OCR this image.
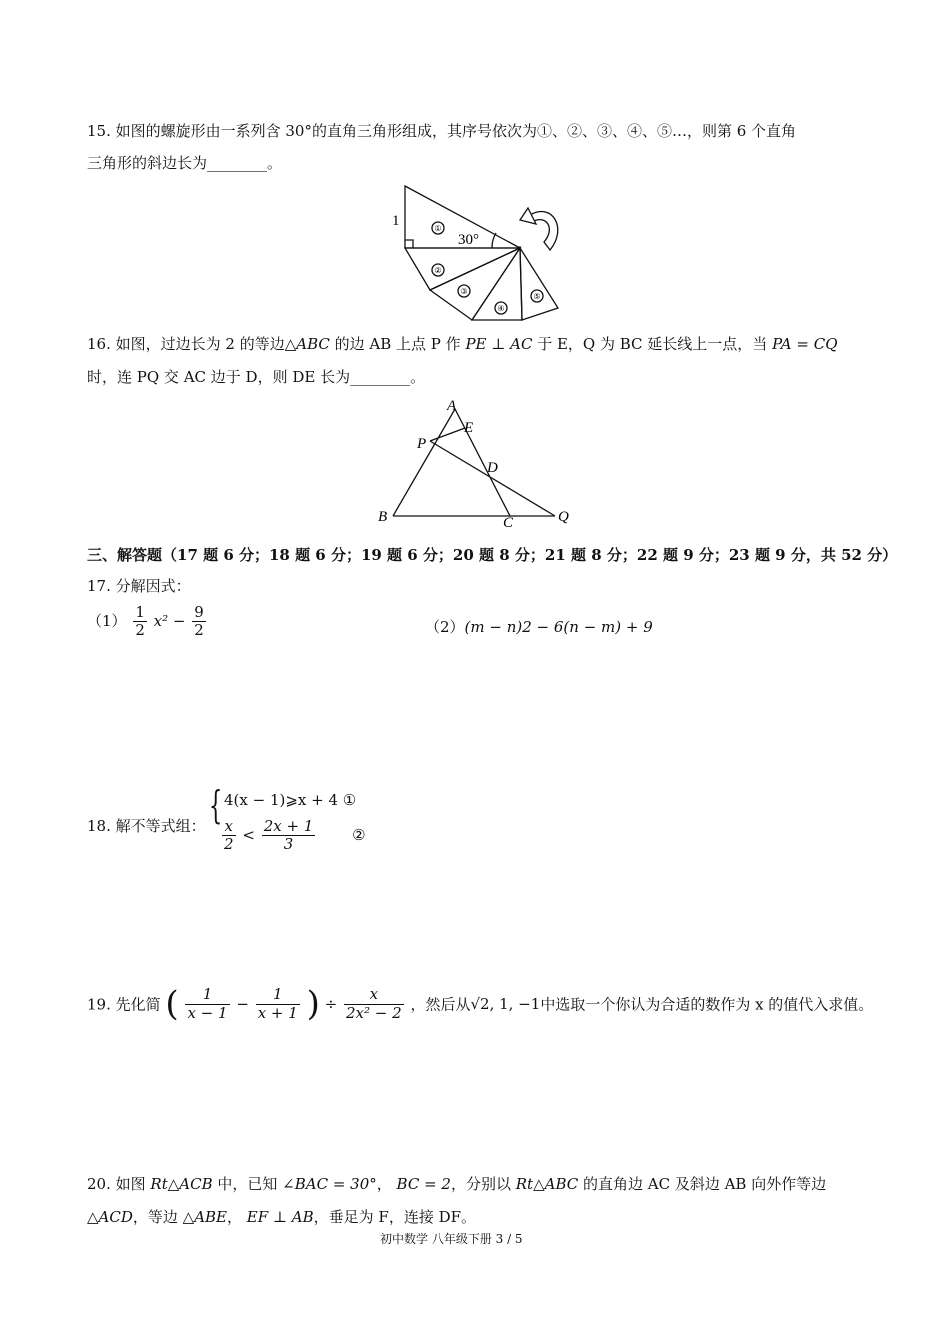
15. 如图的螺旋形由一系列含 30°的直角三角形组成，其序号依次为①、②、③、④、⑤…，则第 6 个直角
三角形的斜边长为________。
1
30°
①
②
③
④
⑤
16. 如图，过边长为 2 的等边△ABC 的边 AB 上点 P 作 PE ⊥ AC 于 E，Q 为 BC 延长线上一点，当 PA = CQ
时，连 PQ 交 AC 边于 D，则 DE 长为________。
A
E
P
D
B	C	Q
三、解答题（17 题 6 分；18 题 6 分；19 题 6 分；20 题 8 分；21 题 8 分；22 题 9 分；23 题 9 分，共 52 分）
17. 分解因式：
$(1) \frac{1}{2} x^2 - \frac{9}{2}$	（2）(m − n)2 − 6(n − m) + 9
18. 解不等式组： { 4(x − 1)⩾x + 4 ①
$\frac{x}{2} < \frac{2x + 1}{3}$ ②
19. 先化简 ( $\frac{1}{x - 1} - \frac{1}{x + 1}$ ) ÷ $\frac{x}{\text{2x² − 2}}$ ，然后从√2, 1, −1中选取一个你认为合适的数作为 x 的值代入求值。
20. 如图 Rt△ACB 中，已知 ∠BAC = 30°， BC = 2，分别以 Rt△ABC 的直角边 AC 及斜边 AB 向外作等边
△ACD，等边 △ABE， EF ⊥ AB，垂足为 F，连接 DF。
初中数学 八年级下册 3 / 5
